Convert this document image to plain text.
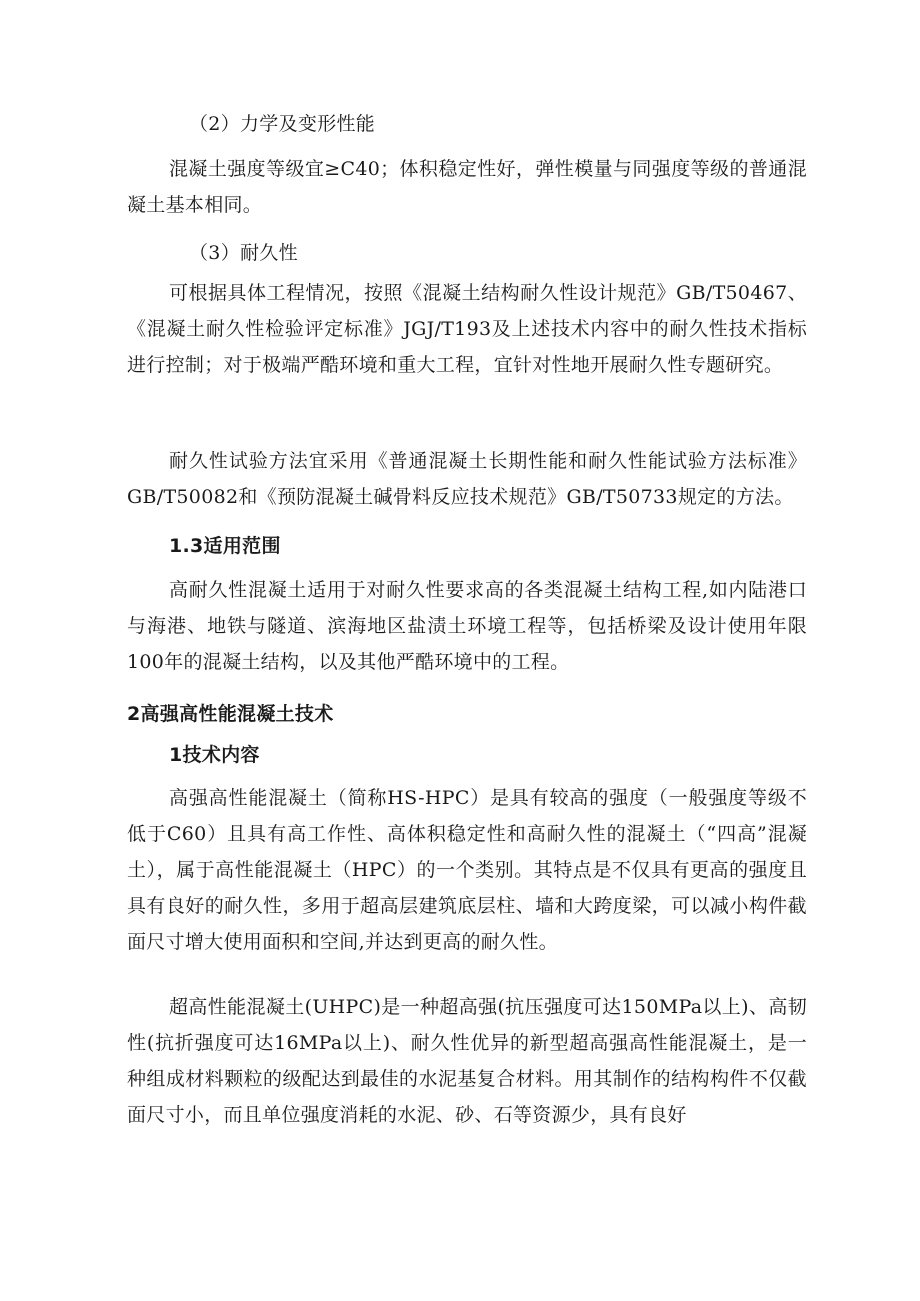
（2）力学及变形性能

混凝土强度等级宜≥C40；体积稳定性好，弹性模量与同强度等级的普通混凝土基本相同。

（3）耐久性

可根据具体工程情况，按照《混凝土结构耐久性设计规范》GB/T50467、《混凝土耐久性检验评定标准》JGJ/T193及上述技术内容中的耐久性技术指标进行控制；对于极端严酷环境和重大工程，宜针对性地开展耐久性专题研究。

耐久性试验方法宜采用《普通混凝土长期性能和耐久性能试验方法标准》GB/T50082和《预防混凝土碱骨料反应技术规范》GB/T50733规定的方法。

1.3适用范围

高耐久性混凝土适用于对耐久性要求高的各类混凝土结构工程,如内陆港口与海港、地铁与隧道、滨海地区盐渍土环境工程等，包括桥梁及设计使用年限100年的混凝土结构，以及其他严酷环境中的工程。

2高强高性能混凝土技术

1技术内容

高强高性能混凝土（简称HS-HPC）是具有较高的强度（一般强度等级不低于C60）且具有高工作性、高体积稳定性和高耐久性的混凝土（“四高”混凝土），属于高性能混凝土（HPC）的一个类别。其特点是不仅具有更高的强度且具有良好的耐久性，多用于超高层建筑底层柱、墙和大跨度梁，可以减小构件截面尺寸增大使用面积和空间,并达到更高的耐久性。

超高性能混凝土(UHPC)是一种超高强(抗压强度可达150MPa以上)、高韧性(抗折强度可达16MPa以上)、耐久性优异的新型超高强高性能混凝土，是一种组成材料颗粒的级配达到最佳的水泥基复合材料。用其制作的结构构件不仅截面尺寸小，而且单位强度消耗的水泥、砂、石等资源少，具有良好
